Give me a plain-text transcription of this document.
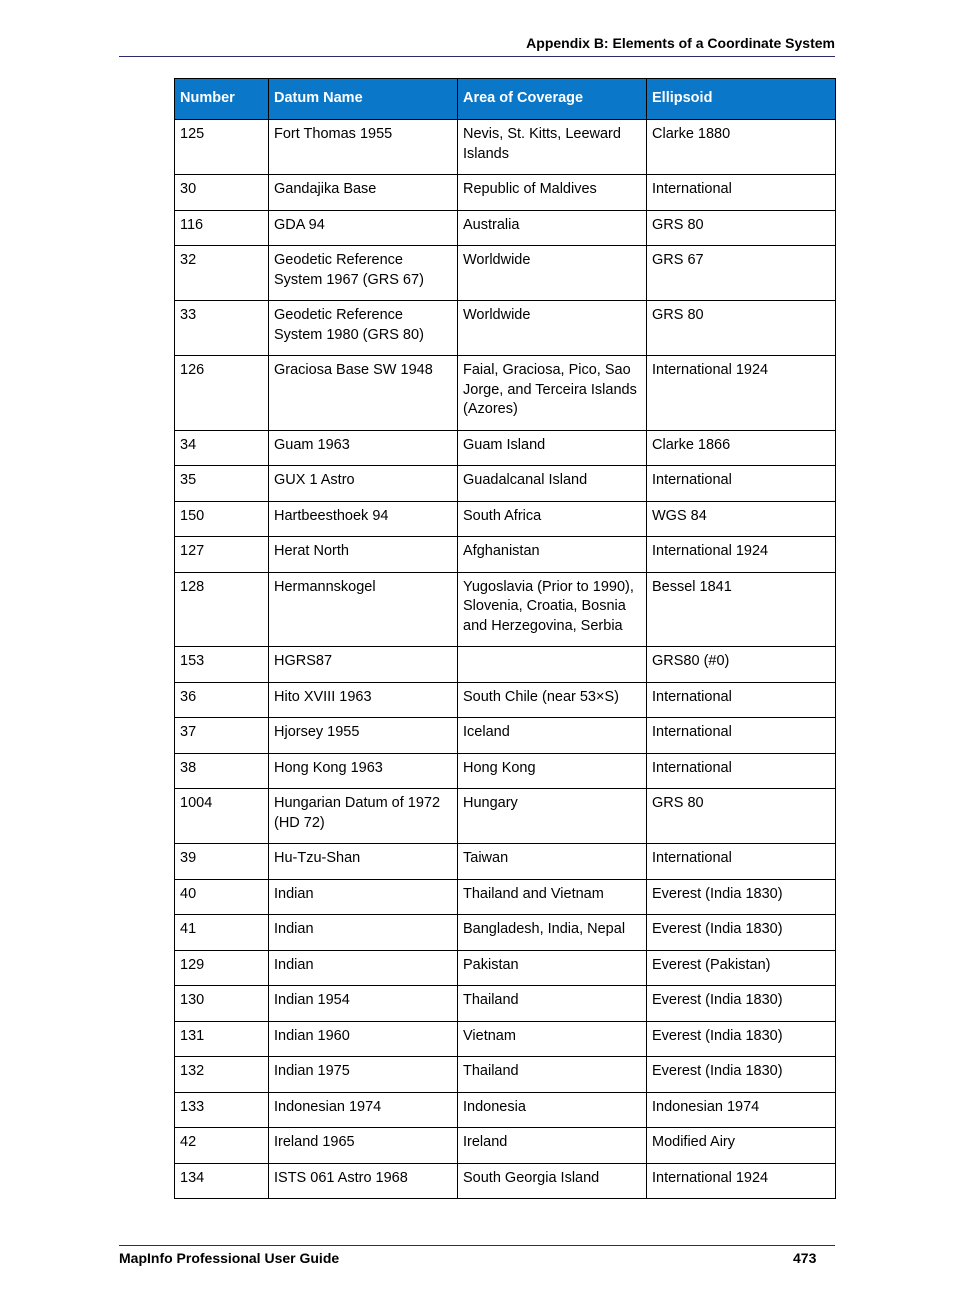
Appendix B: Elements of a Coordinate System
Number	Datum Name	Area of Coverage	Ellipsoid
125	Fort Thomas 1955	Nevis, St. Kitts, Leeward Islands	Clarke 1880
30	Gandajika Base	Republic of Maldives	International
116	GDA 94	Australia	GRS 80
32	Geodetic Reference System 1967 (GRS 67)	Worldwide	GRS 67
33	Geodetic Reference System 1980 (GRS 80)	Worldwide	GRS 80
126	Graciosa Base SW 1948	Faial, Graciosa, Pico, Sao Jorge, and Terceira Islands (Azores)	International 1924
34	Guam 1963	Guam Island	Clarke 1866
35	GUX 1 Astro	Guadalcanal Island	International
150	Hartbeesthoek 94	South Africa	WGS 84
127	Herat North	Afghanistan	International 1924
128	Hermannskogel	Yugoslavia (Prior to 1990), Slovenia, Croatia, Bosnia and Herzegovina, Serbia	Bessel 1841
153	HGRS87		GRS80 (#0)
36	Hito XVIII 1963	South Chile (near 53×S)	International
37	Hjorsey 1955	Iceland	International
38	Hong Kong 1963	Hong Kong	International
1004	Hungarian Datum of 1972 (HD 72)	Hungary	GRS 80
39	Hu-Tzu-Shan	Taiwan	International
40	Indian	Thailand and Vietnam	Everest (India 1830)
41	Indian	Bangladesh, India, Nepal	Everest (India 1830)
129	Indian	Pakistan	Everest (Pakistan)
130	Indian 1954	Thailand	Everest (India 1830)
131	Indian 1960	Vietnam	Everest (India 1830)
132	Indian 1975	Thailand	Everest (India 1830)
133	Indonesian 1974	Indonesia	Indonesian 1974
42	Ireland 1965	Ireland	Modified Airy
134	ISTS 061 Astro 1968	South Georgia Island	International 1924
MapInfo Professional User Guide	473
